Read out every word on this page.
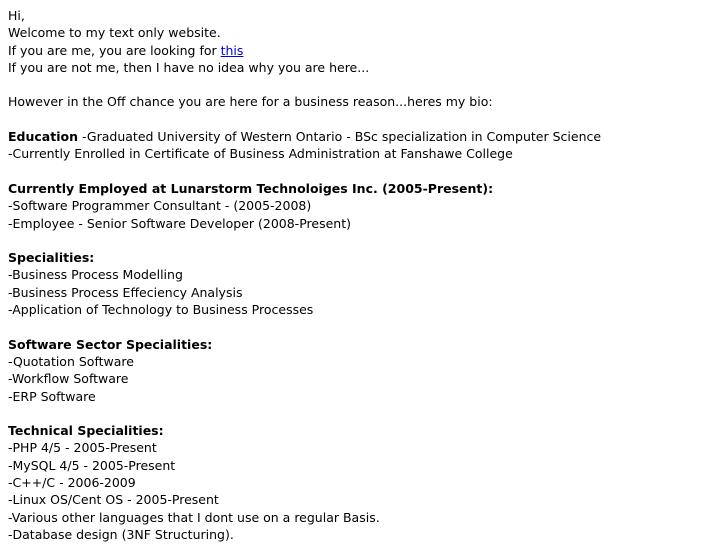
Hi,
Welcome to my text only website.
If you are me, you are looking for this
If you are not me, then I have no idea why you are here...
However in the Off chance you are here for a business reason...heres my bio:
Education -Graduated University of Western Ontario - BSc specialization in Computer Science
-Currently Enrolled in Certificate of Business Administration at Fanshawe College
Currently Employed at Lunarstorm Technoloiges Inc. (2005-Present):
-Software Programmer Consultant - (2005-2008)
-Employee - Senior Software Developer (2008-Present)
Specialities:
-Business Process Modelling
-Business Process Effeciency Analysis
-Application of Technology to Business Processes
Software Sector Specialities:
-Quotation Software
-Workflow Software
-ERP Software
Technical Specialities:
-PHP 4/5 - 2005-Present
-MySQL 4/5 - 2005-Present
-C++/C - 2006-2009
-Linux OS/Cent OS - 2005-Present
-Various other languages that I dont use on a regular Basis.
-Database design (3NF Structuring).
